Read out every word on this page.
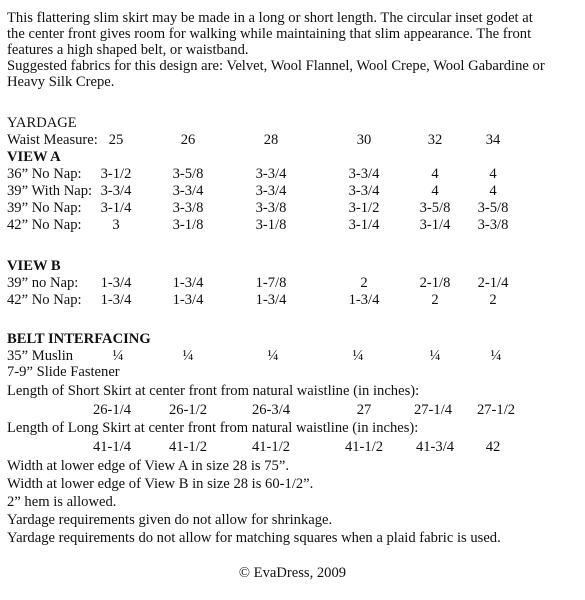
This flattering slim skirt may be made in a long or short length. The circular inset godet at
the center front gives room for walking while maintaining that slim appearance. The front
features a high shaped belt, or waistband.
Suggested fabrics for this design are: Velvet, Wool Flannel, Wool Crepe, Wool Gabardine or
Heavy Silk Crepe.
YARDAGE
Waist Measure: 25	26	28	30	32	34
VIEW A
36” No Nap: 3-1/2	3-5/8	3-3/4	3-3/4	4	4
39” With Nap: 3-3/4	3-3/4	3-3/4	3-3/4	4	4
39” No Nap: 3-1/4	3-3/8	3-3/8	3-1/2	3-5/8 3-5/8
42” No Nap: 3	3-1/8	3-1/8	3-1/4	3-1/4 3-3/8
VIEW B
39” no Nap: 1-3/4	1-3/4	1-7/8	2	2-1/8 2-1/4
42” No Nap: 1-3/4	1-3/4	1-3/4	1-3/4	2	2
BELT INTERFACING
35” Muslin	¼	¼	¼	¼	¼	¼
7-9” Slide Fastener
Length of Short Skirt at center front from natural waistline (in inches):
26-1/4	26-1/2	26-3/4	27	27-1/4 27-1/2
Length of Long Skirt at center front from natural waistline (in inches):
41-1/4	41-1/2	41-1/2	41-1/2 41-3/4 42
Width at lower edge of View A in size 28 is 75”.
Width at lower edge of View B in size 28 is 60-1/2”.
2” hem is allowed.
Yardage requirements given do not allow for shrinkage.
Yardage requirements do not allow for matching squares when a plaid fabric is used.
© EvaDress, 2009
